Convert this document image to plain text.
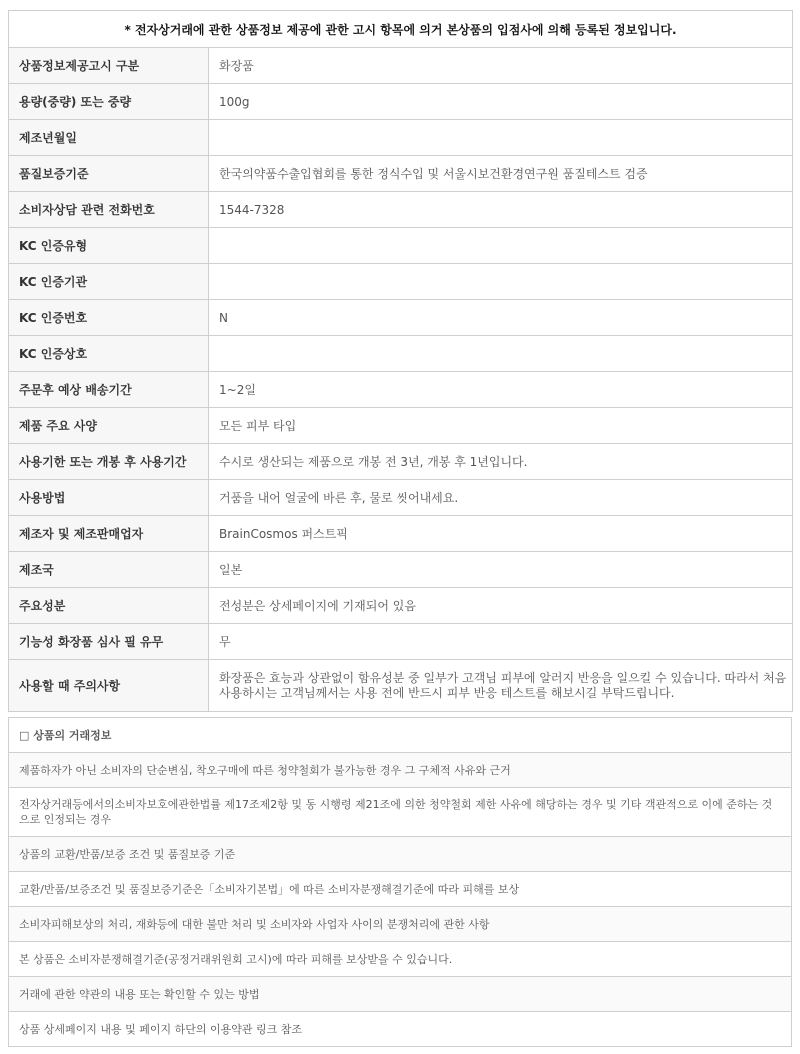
* 전자상거래에 관한 상품정보 제공에 관한 고시 항목에 의거 본상품의 입점사에 의해 등록된 정보입니다.	
상품정보제공고시 구분	화장품
용량(중량) 또는 중량	100g
제조년월일	
품질보증기준	한국의약품수출입협회를 통한 정식수입 및 서울시보건환경연구원 품질테스트 검증
소비자상담 관련 전화번호	1544-7328
KC 인증유형	
KC 인증기관	
KC 인증번호	N
KC 인증상호	
주문후 예상 배송기간	1~2일
제품 주요 사양	모든 피부 타입
사용기한 또는 개봉 후 사용기간	수시로 생산되는 제품으로 개봉 전 3년, 개봉 후 1년입니다.
사용방법	거품을 내어 얼굴에 바른 후, 물로 씻어내세요.
제조자 및 제조판매업자	BrainCosmos 퍼스트픽
제조국	일본
주요성분	전성분은 상세페이지에 기재되어 있음
기능성 화장품 심사 필 유무	무
사용할 때 주의사항	화장품은 효능과 상관없이 함유성분 중 일부가 고객님 피부에 알러지 반응을 일으킬 수 있습니다. 따라서 처음 사용하시는 고객님께서는 사용 전에 반드시 피부 반응 테스트를 해보시길 부탁드립니다.
□ 상품의 거래정보
제품하자가 아닌 소비자의 단순변심, 착오구매에 따른 청약철회가 불가능한 경우 그 구체적 사유와 근거
전자상거래등에서의소비자보호에관한법률 제17조제2항 및 동 시행령 제21조에 의한 청약철회 제한 사유에 해당하는 경우 및 기타 객관적으로 이에 준하는 것으로 인정되는 경우
상품의 교환/반품/보증 조건 및 품질보증 기준
교환/반품/보증조건 및 품질보증기준은「소비자기본법」에 따른 소비자분쟁해결기준에 따라 피해를 보상
소비자피해보상의 처리, 재화등에 대한 불만 처리 및 소비자와 사업자 사이의 분쟁처리에 관한 사항
본 상품은 소비자분쟁해결기준(공정거래위원회 고시)에 따라 피해를 보상받을 수 있습니다.
거래에 관한 약관의 내용 또는 확인할 수 있는 방법
상품 상세페이지 내용 및 페이지 하단의 이용약관 링크 참조
